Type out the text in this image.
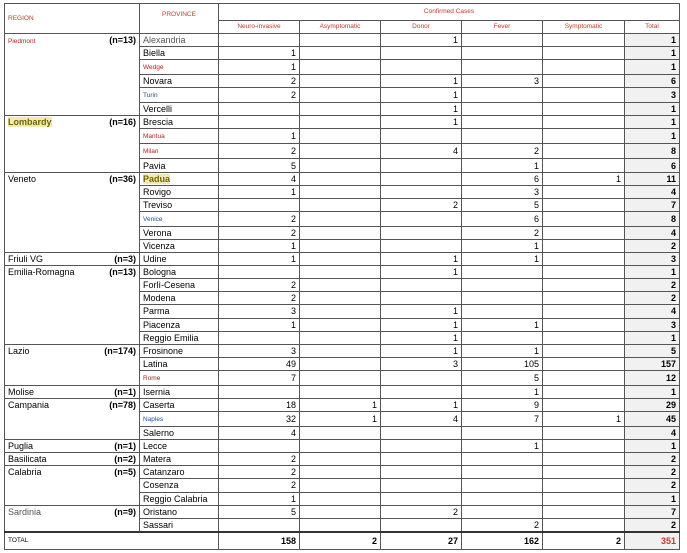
REGION		PROVINCE	Confirmed Cases					
			Neuro-invasive	Asymptomatic	Donor	Fever	Symptomatic	Total
Piedmont	(n=13)	Alexandria			1			1
		Biella	1					1
		Wedge	1					1
		Novara	2		1	3		6
		Turin	2		1			3
		Vercelli			1			1
Lombardy	(n=16)	Brescia			1			1
		Mantua	1					1
		Milan	2		4	2		8
		Pavia	5			1		6
Veneto	(n=36)	Padua	4			6	1	11
		Rovigo	1			3		4
		Treviso			2	5		7
		Venice	2			6		8
		Verona	2			2		4
		Vicenza	1			1		2
Friuli VG	(n=3)	Udine	1		1	1		3
Emilia-Romagna	(n=13)	Bologna			1			1
		Forlì-Cesena	2					2
		Modena	2					2
		Parma	3		1			4
		Piacenza	1		1	1		3
		Reggio Emilia			1			1
Lazio	(n=174)	Frosinone	3		1	1		5
		Latina	49		3	105		157
		Rome	7			5		12
Molise	(n=1)	Isernia				1		1
Campania	(n=78)	Caserta	18	1	1	9		29
		Naples	32	1	4	7	1	45
		Salerno	4					4
Puglia	(n=1)	Lecce				1		1
Basilicata	(n=2)	Matera	2					2
Calabria	(n=5)	Catanzaro	2					2
		Cosenza	2					2
		Reggio Calabria	1					1
Sardinia	(n=9)	Oristano	5		2			7
		Sassari				2		2
TOTAL			158	2	27	162	2	351
